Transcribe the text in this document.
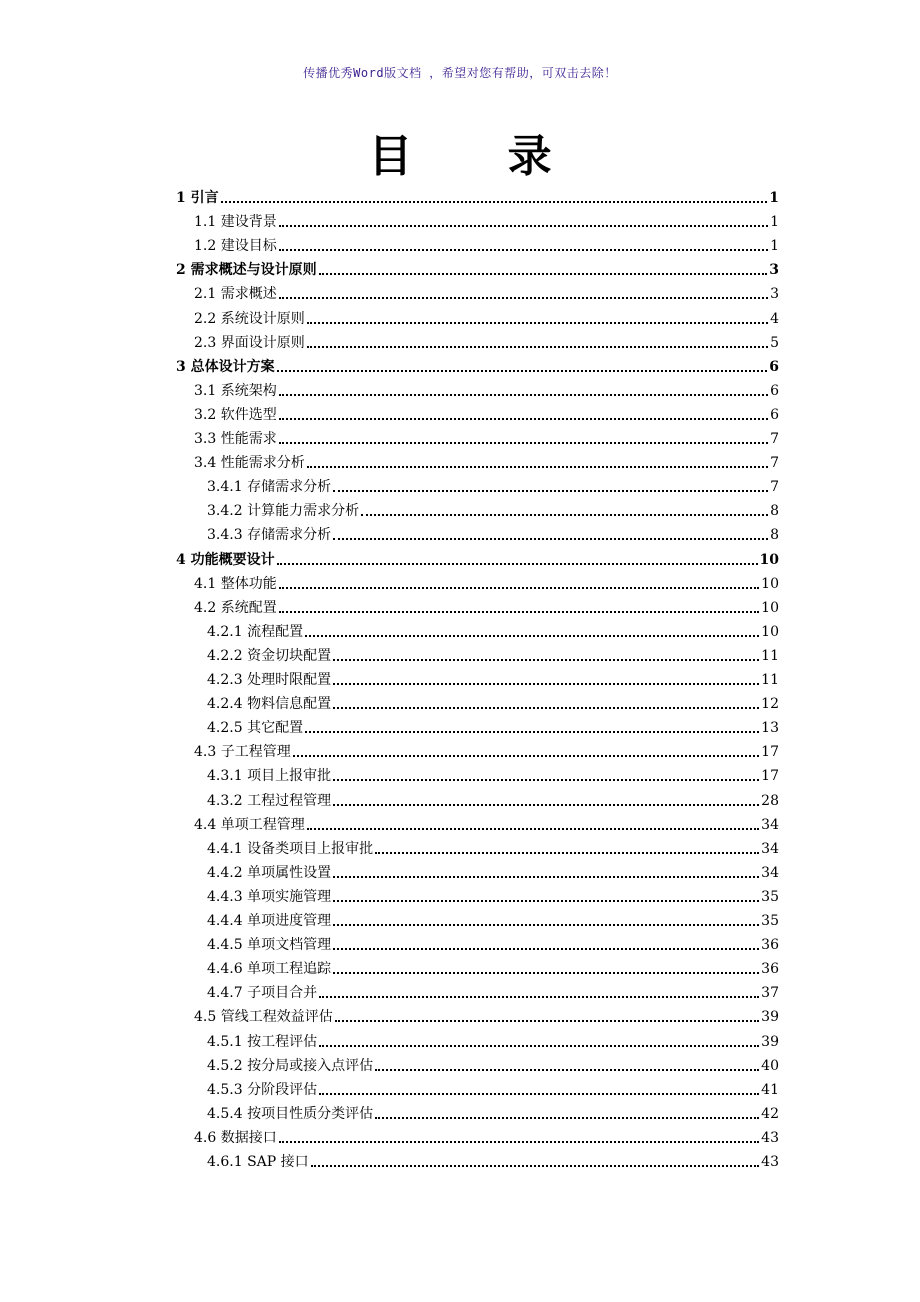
传播优秀Word版文档 ，希望对您有帮助，可双击去除！
目 录
1 引言	1
1.1 建设背景	1
1.2 建设目标	1
2 需求概述与设计原则	3
2.1 需求概述	3
2.2 系统设计原则	4
2.3 界面设计原则	5
3 总体设计方案	6
3.1 系统架构	6
3.2 软件选型	6
3.3 性能需求	7
3.4 性能需求分析	7
3.4.1 存储需求分析	7
3.4.2 计算能力需求分析	8
3.4.3 存储需求分析	8
4 功能概要设计	10
4.1 整体功能	10
4.2 系统配置	10
4.2.1 流程配置	10
4.2.2 资金切块配置	11
4.2.3 处理时限配置	11
4.2.4 物料信息配置	12
4.2.5 其它配置	13
4.3 子工程管理	17
4.3.1 项目上报审批	17
4.3.2 工程过程管理	28
4.4 单项工程管理	34
4.4.1 设备类项目上报审批	34
4.4.2 单项属性设置	34
4.4.3 单项实施管理	35
4.4.4 单项进度管理	35
4.4.5 单项文档管理	36
4.4.6 单项工程追踪	36
4.4.7 子项目合并	37
4.5 管线工程效益评估	39
4.5.1 按工程评估	39
4.5.2 按分局或接入点评估	40
4.5.3 分阶段评估	41
4.5.4 按项目性质分类评估	42
4.6 数据接口	43
4.6.1 SAP 接口	43
